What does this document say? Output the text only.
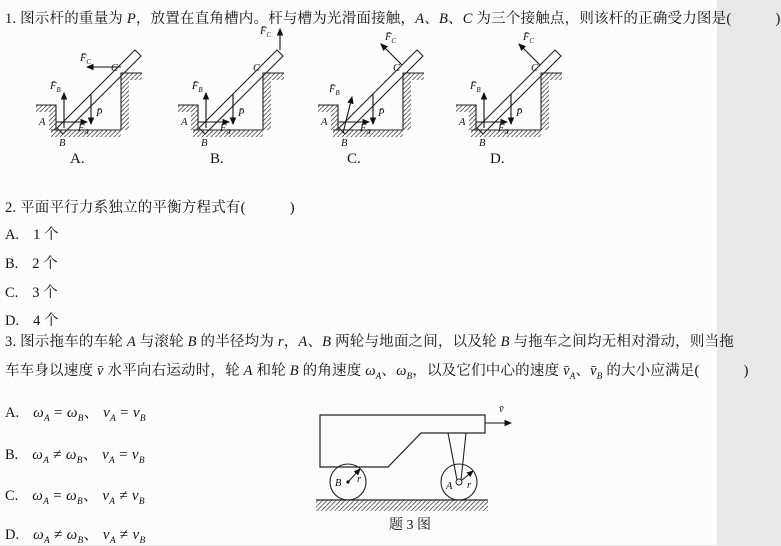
1. 图示杆的重量为 P，放置在直角槽内。杆与槽为光滑面接触，A、B、C 为三个接触点，则该杆的正确受力图是(　　　	)
$F̄_B$
$F̄_A$
P̄
$F̄_C$
A
B
C
A.
$F̄_B$
$F̄_A$
P̄
$F̄_C$
A
B
C
B.
$F̄_B$
$F̄_A$
P̄
$F̄_C$
A
B
C
C.
$F̄_B$
$F̄_A$
P̄
$F̄_C$
A
B
C
D.
2. 平面平行力系独立的平衡方程式有(　　　)
A. 1 个
B. 2 个
C. 3 个
D. 4 个
3. 图示拖车的车轮 A 与滚轮 B 的半径均为 r，A、B 两轮与地面之间，以及轮 B 与拖车之间均无相对滑动，则当拖
车车身以速度 v̄ 水平向右运动时，轮 A 和轮 B 的角速度 $\omega_A$、$\omega_B$，以及它们中心的速度 $v̄_A$、$v̄_B$ 的大小应满足(　　　	)
A. $\omega_A = \omega_B$、 $v_A = v_B$
B. $\omega_A \ne \omega_B$、 $v_A = v_B$
C. $\omega_A = \omega_B$、 $v_A \ne v_B$
D. $\omega_A \ne \omega_B$、 $v_A \ne v_B$
v̄
B r
A r
题 3 图
